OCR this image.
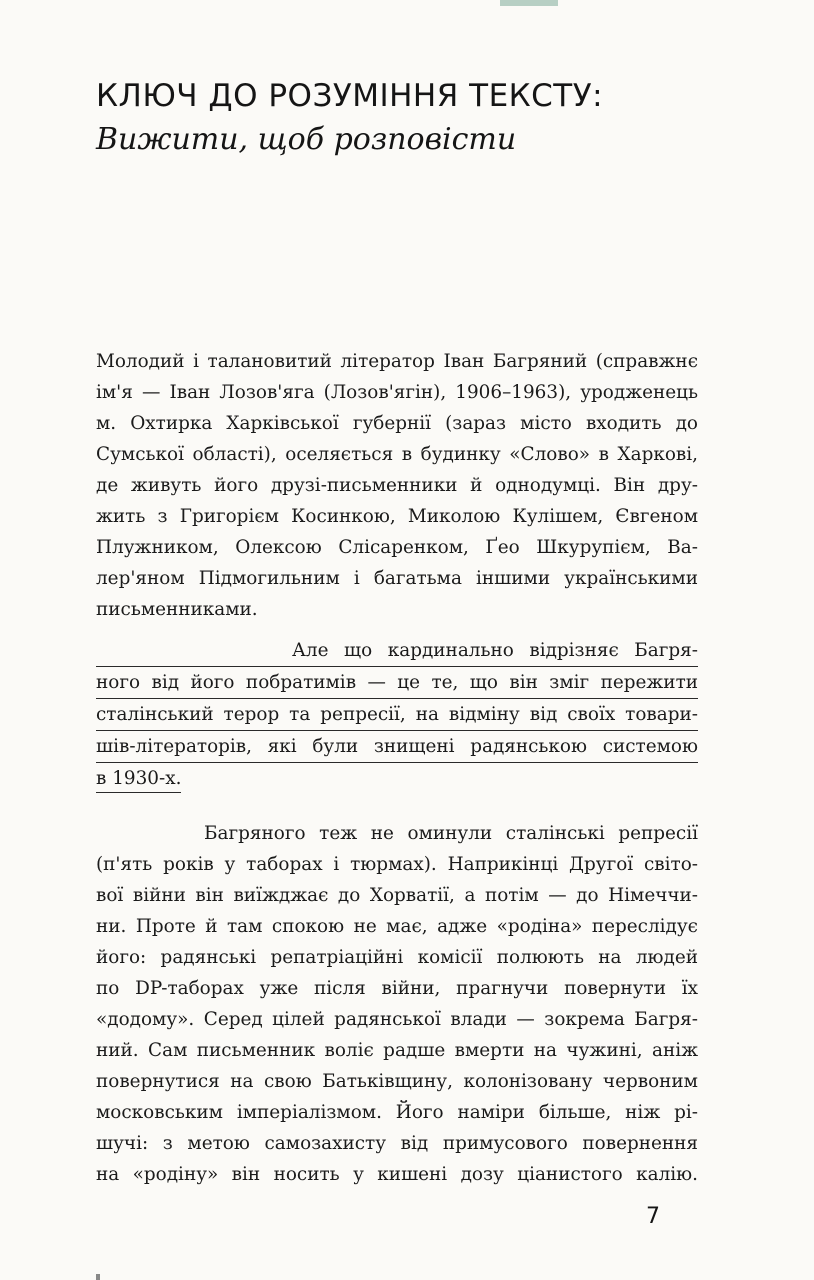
КЛЮЧ ДО РОЗУМІННЯ ТЕКСТУ:
Вижити, щоб розповісти
Молодий і талановитий літератор Іван Багряний (справжнє
ім'я — Іван Лозов'яга (Лозов'ягін), 1906–1963), уродженець
м. Охтирка Харківської губернії (зараз місто входить до
Сумської області), оселяється в будинку «Слово» в Харкові,
де живуть його друзі-письменники й однодумці. Він дру-
жить з Григорієм Косинкою, Миколою Кулішем, Євгеном
Плужником, Олексою Слісаренком, Ґео Шкурупієм, Ва-
лер'яном Підмогильним і багатьма іншими українськими
письменниками.
Але що кардинально відрізняє Багря-
ного від його побратимів — це те, що він зміг пережити
сталінський терор та репресії, на відміну від своїх товари-
шів-літераторів, які були знищені радянською системою
в 1930-х.
Багряного теж не оминули сталінські репресії
(п'ять років у таборах і тюрмах). Наприкінці Другої світо-
вої війни він виїжджає до Хорватії, а потім — до Німеччи-
ни. Проте й там спокою не має, адже «родіна» переслідує
його: радянські репатріаційні комісії полюють на людей
по DP-таборах уже після війни, прагнучи повернути їх
«додому». Серед цілей радянської влади — зокрема Багря-
ний. Сам письменник воліє радше вмерти на чужині, аніж
повернутися на свою Батьківщину, колонізовану червоним
московським імперіалізмом. Його наміри більше, ніж рі-
шучі: з метою самозахисту від примусового повернення
на «родіну» він носить у кишені дозу ціанистого калію.
7
